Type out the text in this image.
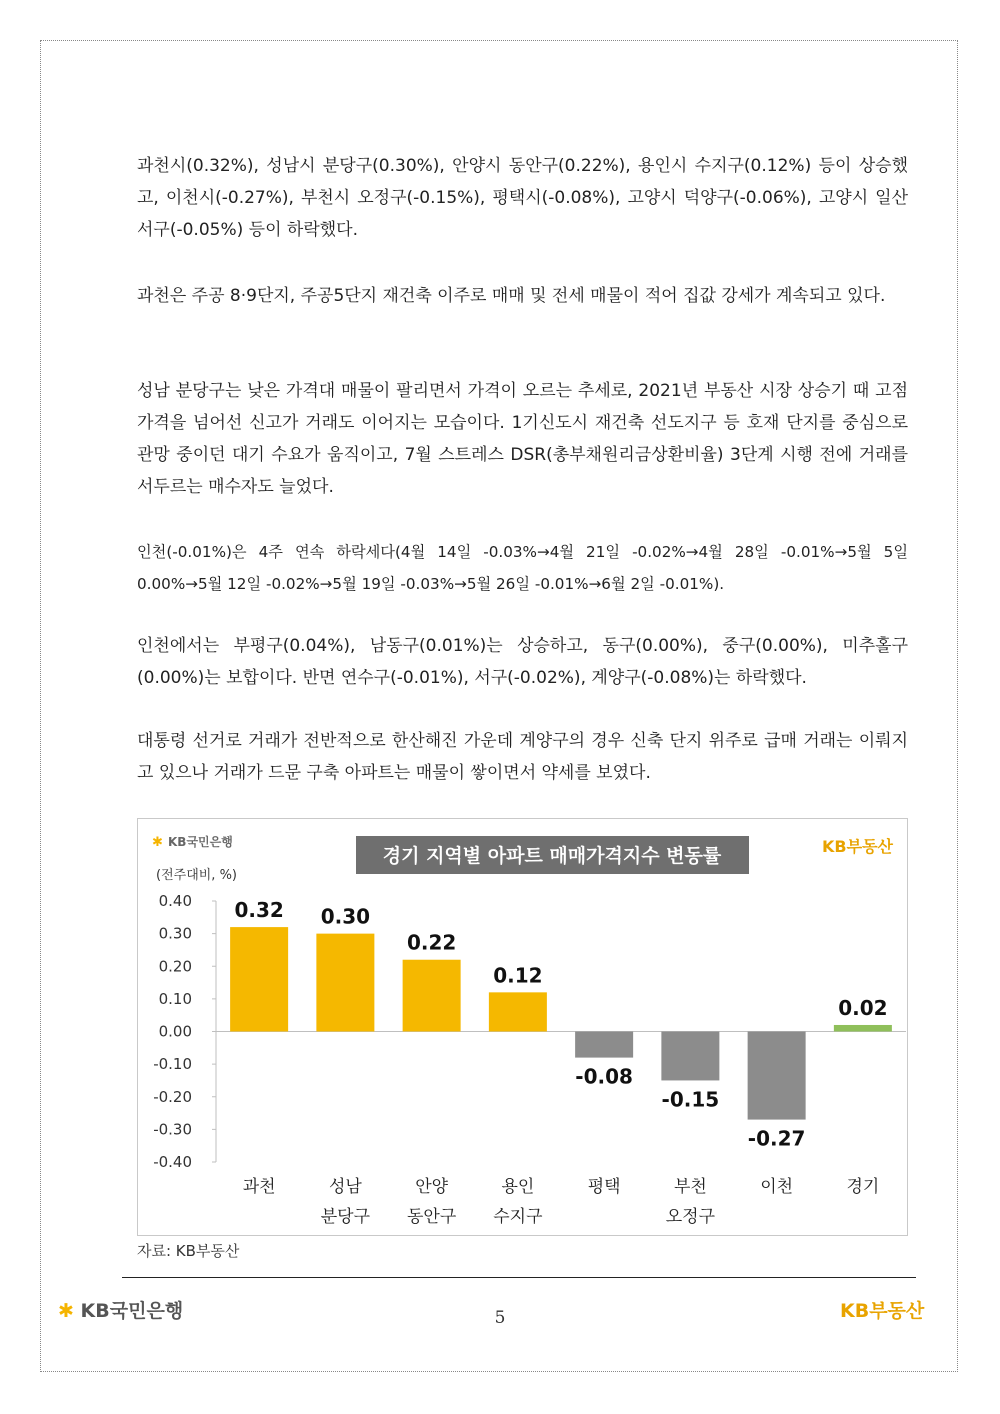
과천시(0.32%), 성남시 분당구(0.30%), 안양시 동안구(0.22%), 용인시 수지구(0.12%) 등이 상승했고, 이천시(-0.27%), 부천시 오정구(-0.15%), 평택시(-0.08%), 고양시 덕양구(-0.06%), 고양시 일산서구(-0.05%) 등이 하락했다.

과천은 주공 8·9단지, 주공5단지 재건축 이주로 매매 및 전세 매물이 적어 집값 강세가 계속되고 있다.

성남 분당구는 낮은 가격대 매물이 팔리면서 가격이 오르는 추세로, 2021년 부동산 시장 상승기 때 고점가격을 넘어선 신고가 거래도 이어지는 모습이다. 1기신도시 재건축 선도지구 등 호재 단지를 중심으로 관망 중이던 대기 수요가 움직이고, 7월 스트레스 DSR(총부채원리금상환비율) 3단계 시행 전에 거래를 서두르는 매수자도 늘었다.

인천(-0.01%)은 4주 연속 하락세다(4월 14일 -0.03%→4월 21일 -0.02%→4월 28일 -0.01%→5월 5일 0.00%→5월 12일 -0.02%→5월 19일 -0.03%→5월 26일 -0.01%→6월 2일 -0.01%).

인천에서는 부평구(0.04%), 남동구(0.01%)는 상승하고, 동구(0.00%), 중구(0.00%), 미추홀구(0.00%)는 보합이다. 반면 연수구(-0.01%), 서구(-0.02%), 계양구(-0.08%)는 하락했다.

대통령 선거로 거래가 전반적으로 한산해진 가운데 계양구의 경우 신축 단지 위주로 급매 거래는 이뤄지고 있으나 거래가 드문 구축 아파트는 매물이 쌓이면서 약세를 보였다.

✱ KB국민은행
경기 지역별 아파트 매매가격지수 변동률	KB부동산
(전주대비, %)
0.40
0.30
0.20
0.10
0.00
-0.10
-0.20
-0.30
-0.40
0.32 0.30
0.22
0.12
-0.08
-0.15
-0.27
0.02
과천	성남
분당구
안양
동안구
용인
수지구
평택	부천
오정구
이천	경기
자료: KB부동산
✱ KB국민은행	5	KB부동산
